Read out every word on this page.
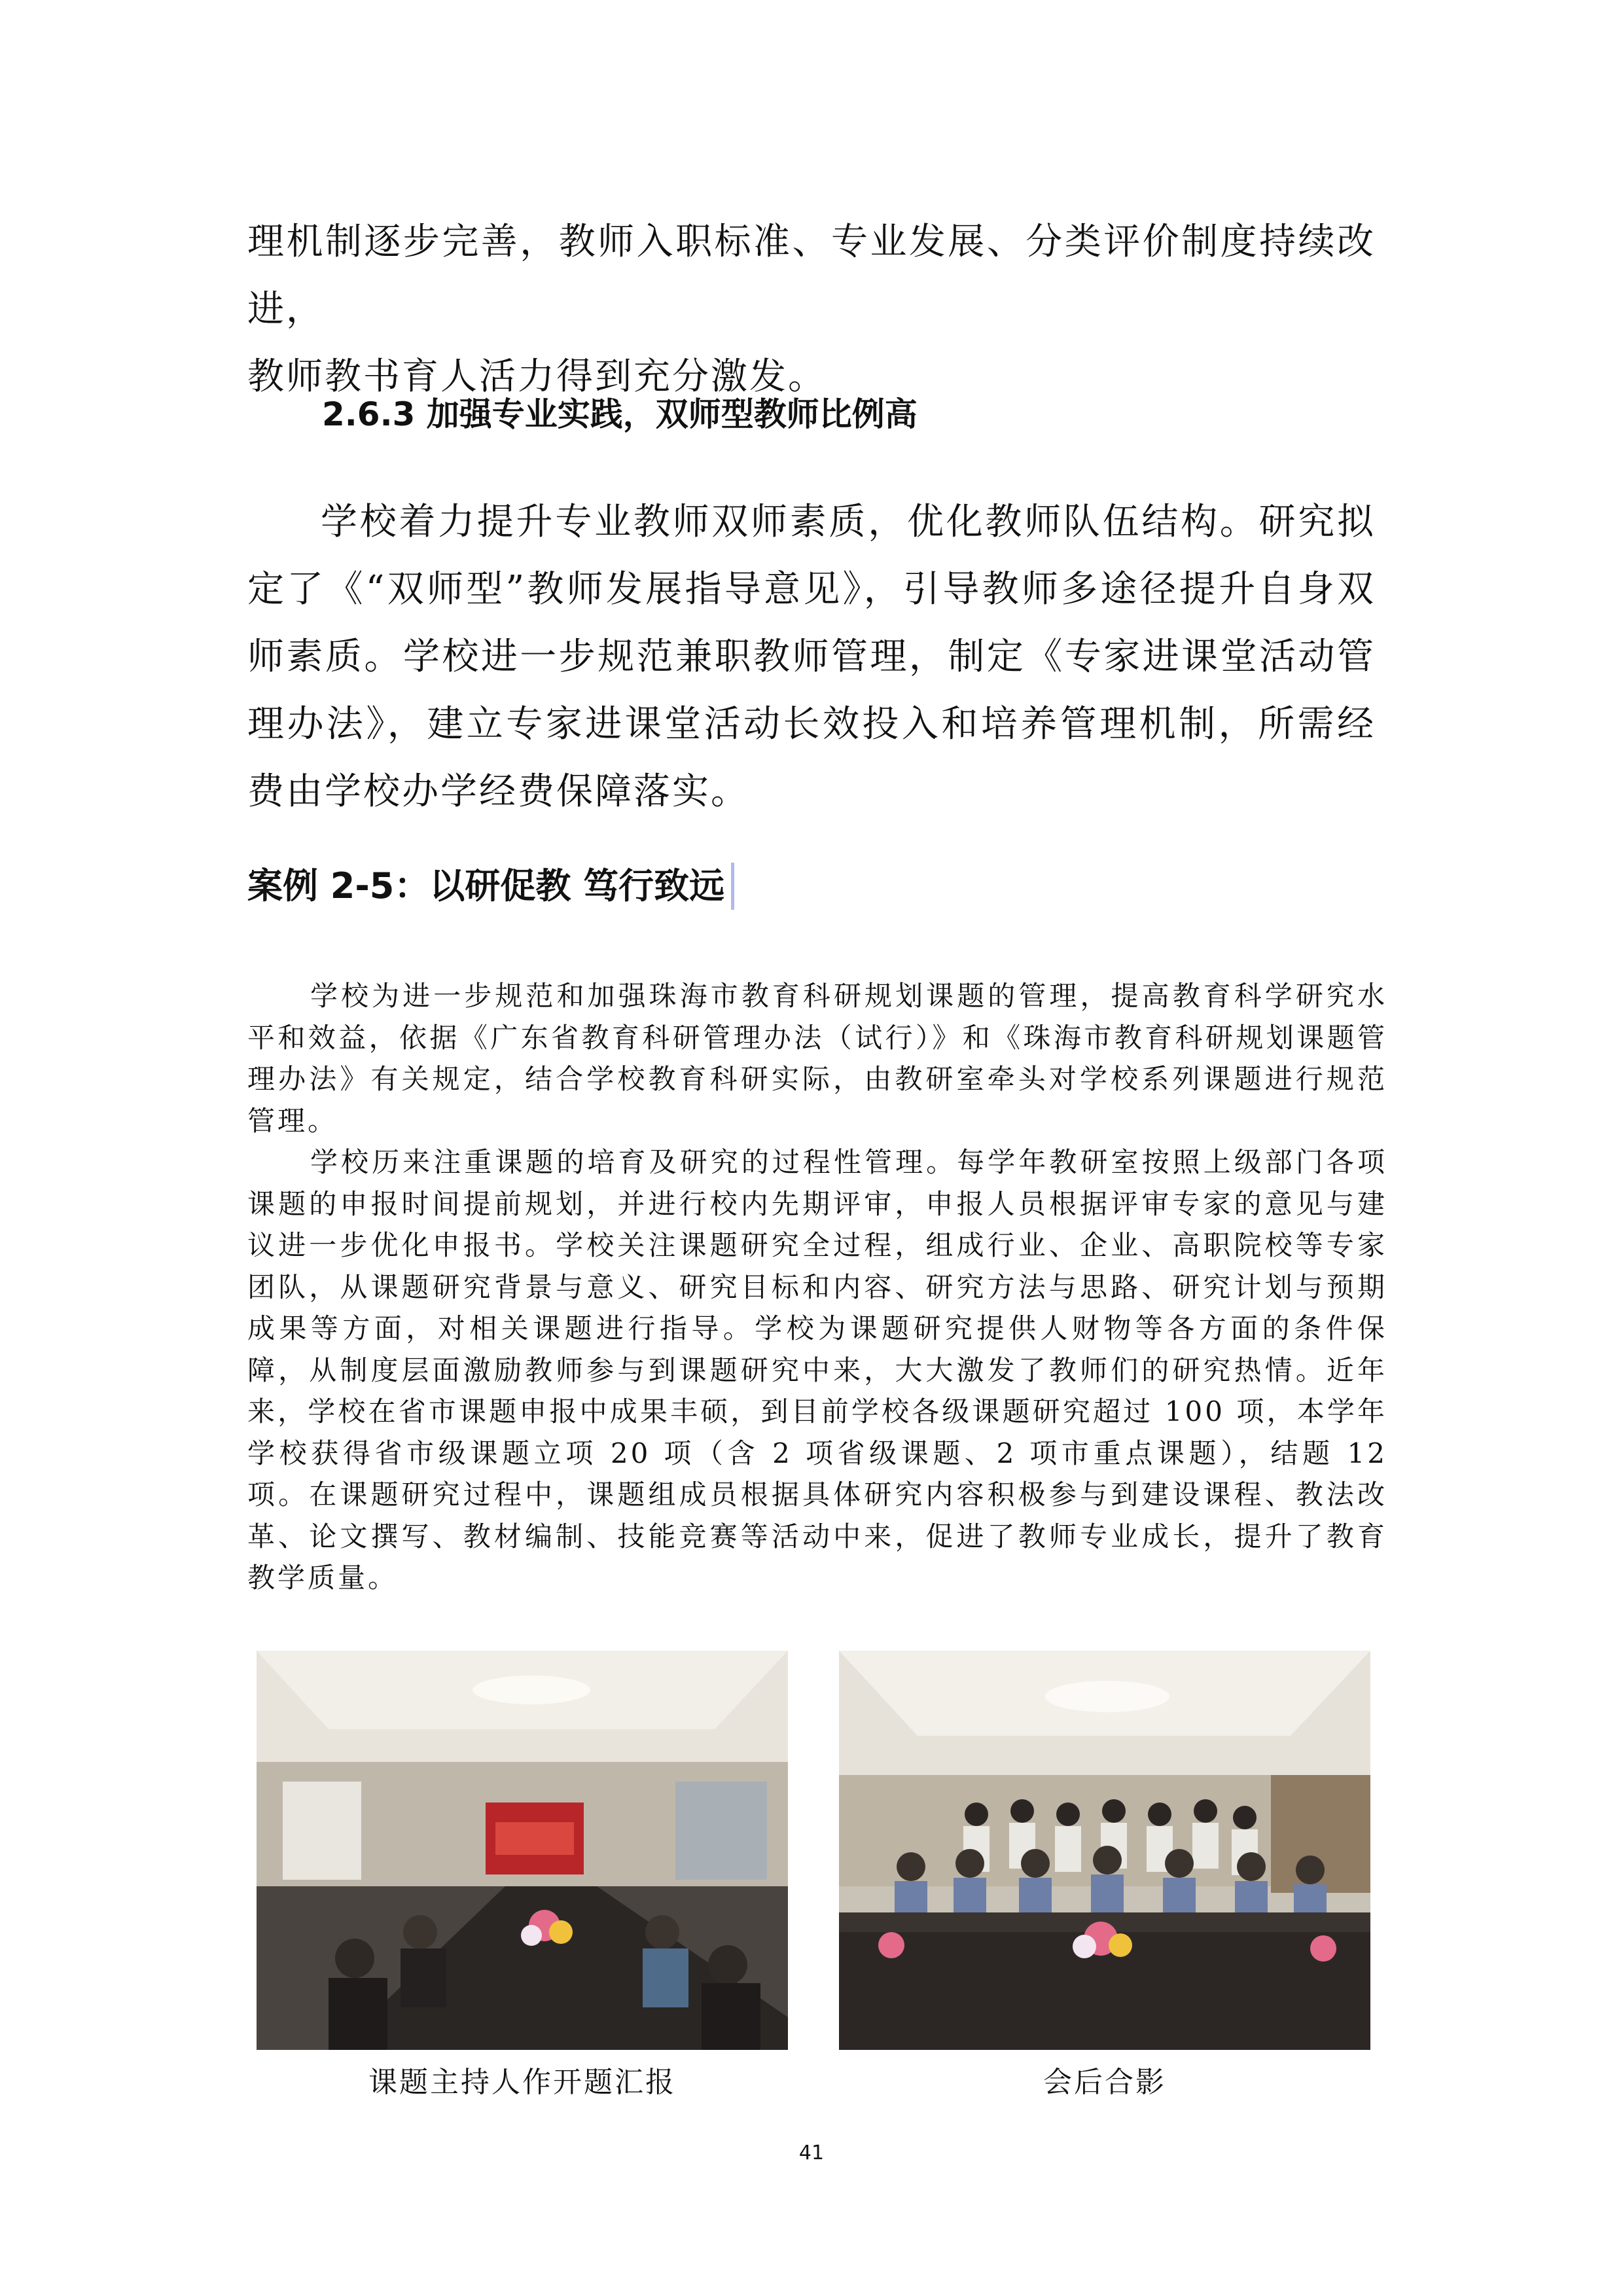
理机制逐步完善，教师入职标准、专业发展、分类评价制度持续改进，

教师教书育人活力得到充分激发。

2.6.3 加强专业实践，双师型教师比例高

学校着力提升专业教师双师素质，优化教师队伍结构。研究拟定了《“双师型”教师发展指导意见》，引导教师多途径提升自身双师素质。学校进一步规范兼职教师管理，制定《专家进课堂活动管理办法》，建立专家进课堂活动长效投入和培养管理机制，所需经费由学校办学经费保障落实。

案例 2-5：以研促教 笃行致远

学校为进一步规范和加强珠海市教育科研规划课题的管理，提高教育科学研究水平和效益，依据《广东省教育科研管理办法（试行）》和《珠海市教育科研规划课题管理办法》有关规定，结合学校教育科研实际，由教研室牵头对学校系列课题进行规范管理。

学校历来注重课题的培育及研究的过程性管理。每学年教研室按照上级部门各项课题的申报时间提前规划，并进行校内先期评审，申报人员根据评审专家的意见与建议进一步优化申报书。学校关注课题研究全过程，组成行业、企业、高职院校等专家团队，从课题研究背景与意义、研究目标和内容、研究方法与思路、研究计划与预期成果等方面，对相关课题进行指导。学校为课题研究提供人财物等各方面的条件保障，从制度层面激励教师参与到课题研究中来，大大激发了教师们的研究热情。近年来，学校在省市课题申报中成果丰硕，到目前学校各级课题研究超过 100 项，本学年学校获得省市级课题立项 20 项（含 2 项省级课题、2 项市重点课题），结题 12 项。在课题研究过程中，课题组成员根据具体研究内容积极参与到建设课程、教法改革、论文撰写、教材编制、技能竞赛等活动中来，促进了教师专业成长，提升了教育教学质量。

课题主持人作开题汇报	会后合影
41
